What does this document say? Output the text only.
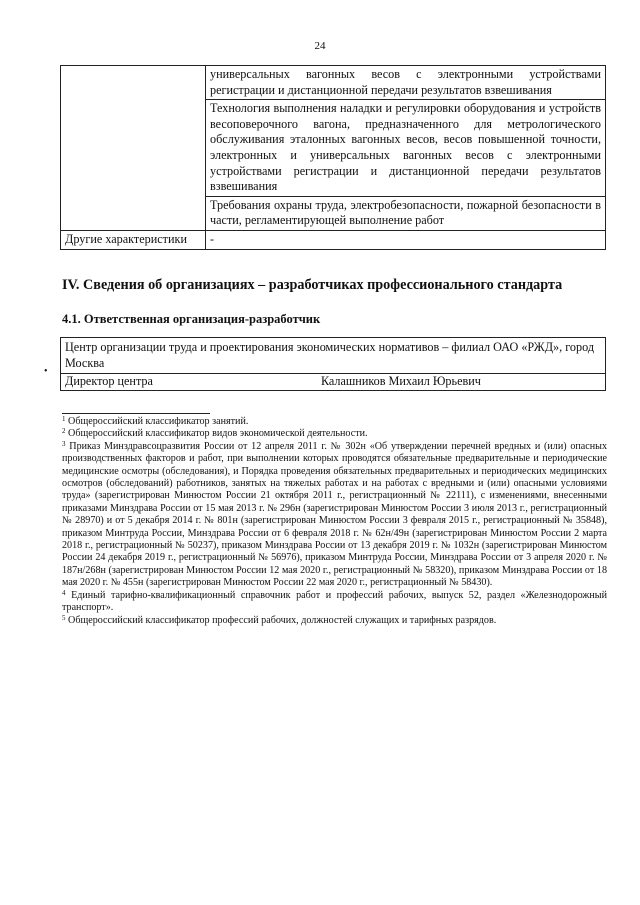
24
	универсальных вагонных весов с электронными устройствами регистрации и дистанционной передачи результатов взвешивания
	Технология выполнения наладки и регулировки оборудования и устройств весоповерочного вагона, предназначенного для метрологического обслуживания эталонных вагонных весов, весов повышенной точности, электронных и универсальных вагонных весов с электронными устройствами регистрации и дистанционной передачи результатов взвешивания
	Требования охраны труда, электробезопасности, пожарной безопасности в части, регламентирующей выполнение работ
Другие характеристики	-
IV. Сведения об организациях – разработчиках профессионального стандарта
4.1. Ответственная организация-разработчик
•
Центр организации труда и проектирования экономических нормативов – филиал ОАО «РЖД», город Москва
Директор центра	Калашников Михаил Юрьевич

$^1$ Общероссийский классификатор занятий.

$^2$ Общероссийский классификатор видов экономической деятельности.

$^3$ Приказ Минздравсоцразвития России от 12 апреля 2011 г. № 302н «Об утверждении перечней вредных и (или) опасных производственных факторов и работ, при выполнении которых проводятся обязательные предварительные и периодические медицинские осмотры (обследования), и Порядка проведения обязательных предварительных и периодических медицинских осмотров (обследований) работников, занятых на тяжелых работах и на работах с вредными и (или) опасными условиями труда» (зарегистрирован Минюстом России 21 октября 2011 г., регистрационный № 22111), с изменениями, внесенными приказами Минздрава России от 15 мая 2013 г. № 296н (зарегистрирован Минюстом России 3 июля 2013 г., регистрационный № 28970) и от 5 декабря 2014 г. № 801н (зарегистрирован Минюстом России 3 февраля 2015 г., регистрационный № 35848), приказом Минтруда России, Минздрава России от 6 февраля 2018 г. № 62н/49н (зарегистрирован Минюстом России 2 марта 2018 г., регистрационный № 50237), приказом Минздрава России от 13 декабря 2019 г. № 1032н (зарегистрирован Минюстом России 24 декабря 2019 г., регистрационный № 56976), приказом Минтруда России, Минздрава России от 3 апреля 2020 г. № 187н/268н (зарегистрирован Минюстом России 12 мая 2020 г., регистрационный № 58320), приказом Минздрава России от 18 мая 2020 г. № 455н (зарегистрирован Минюстом России 22 мая 2020 г., регистрационный № 58430).

$^4$ Единый тарифно-квалификационный справочник работ и профессий рабочих, выпуск 52, раздел «Железнодорожный транспорт».

$^5$ Общероссийский классификатор профессий рабочих, должностей служащих и тарифных разрядов.
